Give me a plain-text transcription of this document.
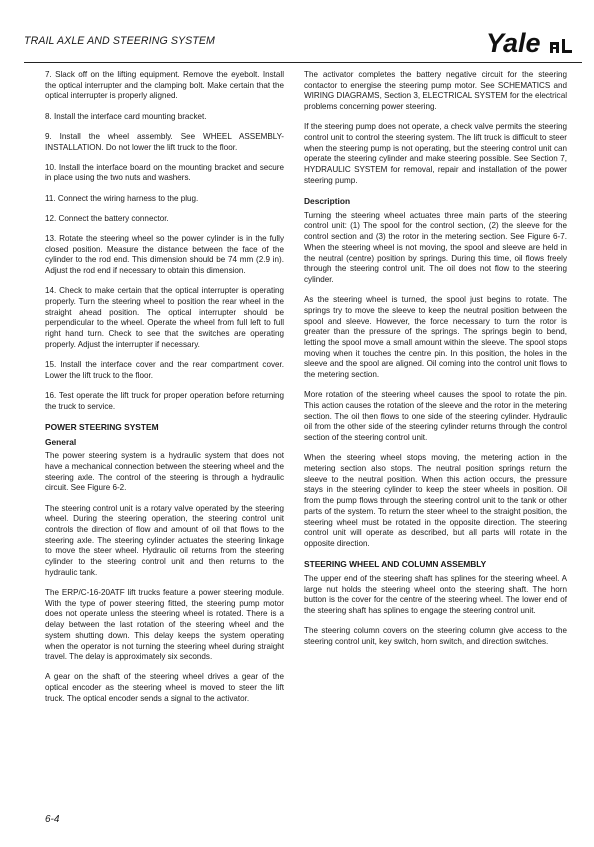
TRAIL AXLE AND STEERING SYSTEM	Yale

7. Slack off on the lifting equipment. Remove the eyebolt. Install the optical interrupter and the clamping bolt. Make certain that the optical interrupter is properly aligned.

8. Install the interface card mounting bracket.

9. Install the wheel assembly. See WHEEL ASSEMBLY-INSTALLATION. Do not lower the lift truck to the floor.

10. Install the interface board on the mounting bracket and secure in place using the two nuts and washers.

11. Connect the wiring harness to the plug.

12. Connect the battery connector.

13. Rotate the steering wheel so the power cylinder is in the fully closed position. Measure the distance between the face of the cylinder to the rod end. This dimension should be 74 mm (2.9 in). Adjust the rod end if necessary to obtain this dimension.

14. Check to make certain that the optical interrupter is operating properly. Turn the steering wheel to position the rear wheel in the straight ahead position. The optical interrupter should be perpendicular to the wheel. Operate the wheel from full left to full right hand turn. Check to see that the switches are operating properly. Adjust the interrupter if necessary.

15. Install the interface cover and the rear compartment cover. Lower the lift truck to the floor.

16. Test operate the lift truck for proper operation before returning the truck to service.

POWER STEERING SYSTEM
General

The power steering system is a hydraulic system that does not have a mechanical connection between the steering wheel and the steering axle. The control of the steering is through a hydraulic circuit. See Figure 6-2.

The steering control unit is a rotary valve operated by the steering wheel. During the steering operation, the steering control unit controls the direction of flow and amount of oil that flows to the steering axle. The steering cylinder actuates the steering linkage to move the steer wheel. Hydraulic oil returns from the steering cylinder to the steering control unit and then returns to the hydraulic tank.

The ERP/C-16-20ATF lift trucks feature a power steering module. With the type of power steering fitted, the steering pump motor does not operate unless the steering wheel is rotated. There is a delay between the last rotation of the steering wheel and the system shutting down. This delay keeps the system operating when the operator is not turning the steering wheel during straight travel. The delay is approximately six seconds.

A gear on the shaft of the steering wheel drives a gear of the optical encoder as the steering wheel is moved to steer the lift truck. The optical encoder sends a signal to the activator.

The activator completes the battery negative circuit for the steering contactor to energise the steering pump motor. See SCHEMATICS and WIRING DIAGRAMS, Section 3, ELECTRICAL SYSTEM for the electrical problems concerning power steering.

If the steering pump does not operate, a check valve permits the steering control unit to control the steering system. The lift truck is difficult to steer when the steering pump is not operating, but the steering control unit can operate the steering cylinder and make steering possible. See Section 7, HYDRAULIC SYSTEM for removal, repair and installation of the power steering pump.

Description

Turning the steering wheel actuates three main parts of the steering control unit: (1) The spool for the control section, (2) the sleeve for the control section and (3) the rotor in the metering section. See Figure 6-7. When the steering wheel is not moving, the spool and sleeve are held in the neutral (centre) position by springs. During this time, oil flows freely through the steering control unit. The oil does not flow to the steering cylinder.

As the steering wheel is turned, the spool just begins to rotate. The springs try to move the sleeve to keep the neutral position between the spool and sleeve. However, the force necessary to turn the rotor is greater than the pressure of the springs. The springs begin to bend, letting the spool move a small amount within the sleeve. The spool stops moving when it touches the centre pin. In this position, the holes in the sleeve and the spool are aligned. Oil coming into the control unit flows to the metering section.

More rotation of the steering wheel causes the spool to rotate the pin. This action causes the rotation of the sleeve and the rotor in the metering section. The oil then flows to one side of the steering cylinder. Hydraulic oil from the other side of the steering cylinder returns through the control section of the steering control unit.

When the steering wheel stops moving, the metering action in the metering section also stops. The neutral position springs return the sleeve to the neutral position. When this action occurs, the pressure stays in the steering cylinder to keep the steer wheels in position. Oil from the pump flows through the steering control unit to the tank or other parts of the system. To return the steer wheel to the straight position, the steering wheel must be rotated in the opposite direction. The steering control unit will operate as described, but all parts will rotate in the opposite direction.

STEERING WHEEL AND COLUMN ASSEMBLY

The upper end of the steering shaft has splines for the steering wheel. A large nut holds the steering wheel onto the steering shaft. The horn button is the cover for the centre of the steering wheel. The lower end of the steering shaft has splines to engage the steering control unit.

The steering column covers on the steering column give access to the steering control unit, key switch, horn switch, and direction switches.

6-4
